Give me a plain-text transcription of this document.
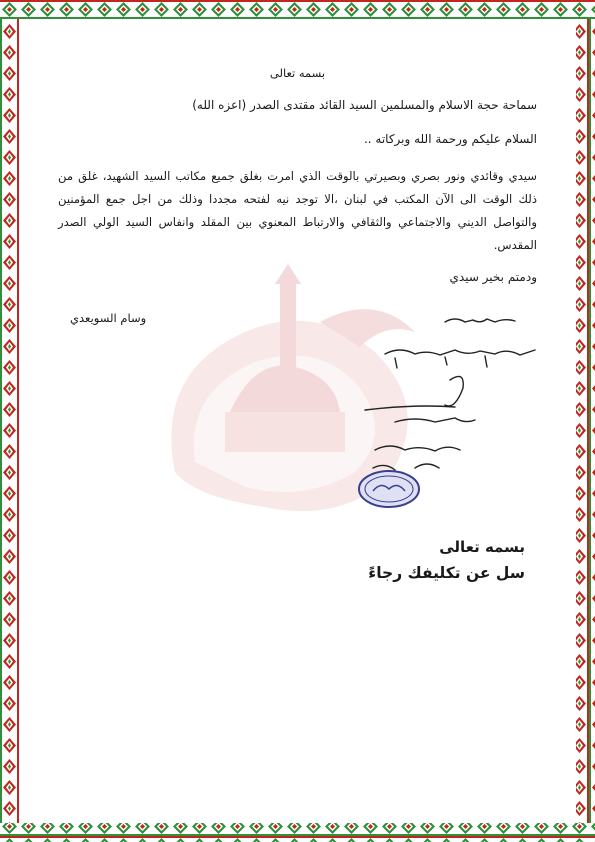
بسمه تعالى
سماحة حجة الاسلام والمسلمين السيد القائد مقتدى الصدر (اعزه الله)
السلام عليكم ورحمة الله وبركاته ..
سيدي وقائدي ونور بصري وبصيرتي بالوقت الذي امرت بغلق جميع مكاتب السيد الشهيد، غلق من ذلك الوقت الى الآن المكتب في لبنان ،الا توجد نيه لفتحه مجددا وذلك من اجل جمع المؤمنين والتواصل الديني والاجتماعي والثقافي والارتباط المعنوي بين المقلد وانفاس السيد الولي الصدر المقدس.
ودمتم بخير سيدي
وسام السويعدي
بسمه تعالى
سل عن تكليفك رجاءً
